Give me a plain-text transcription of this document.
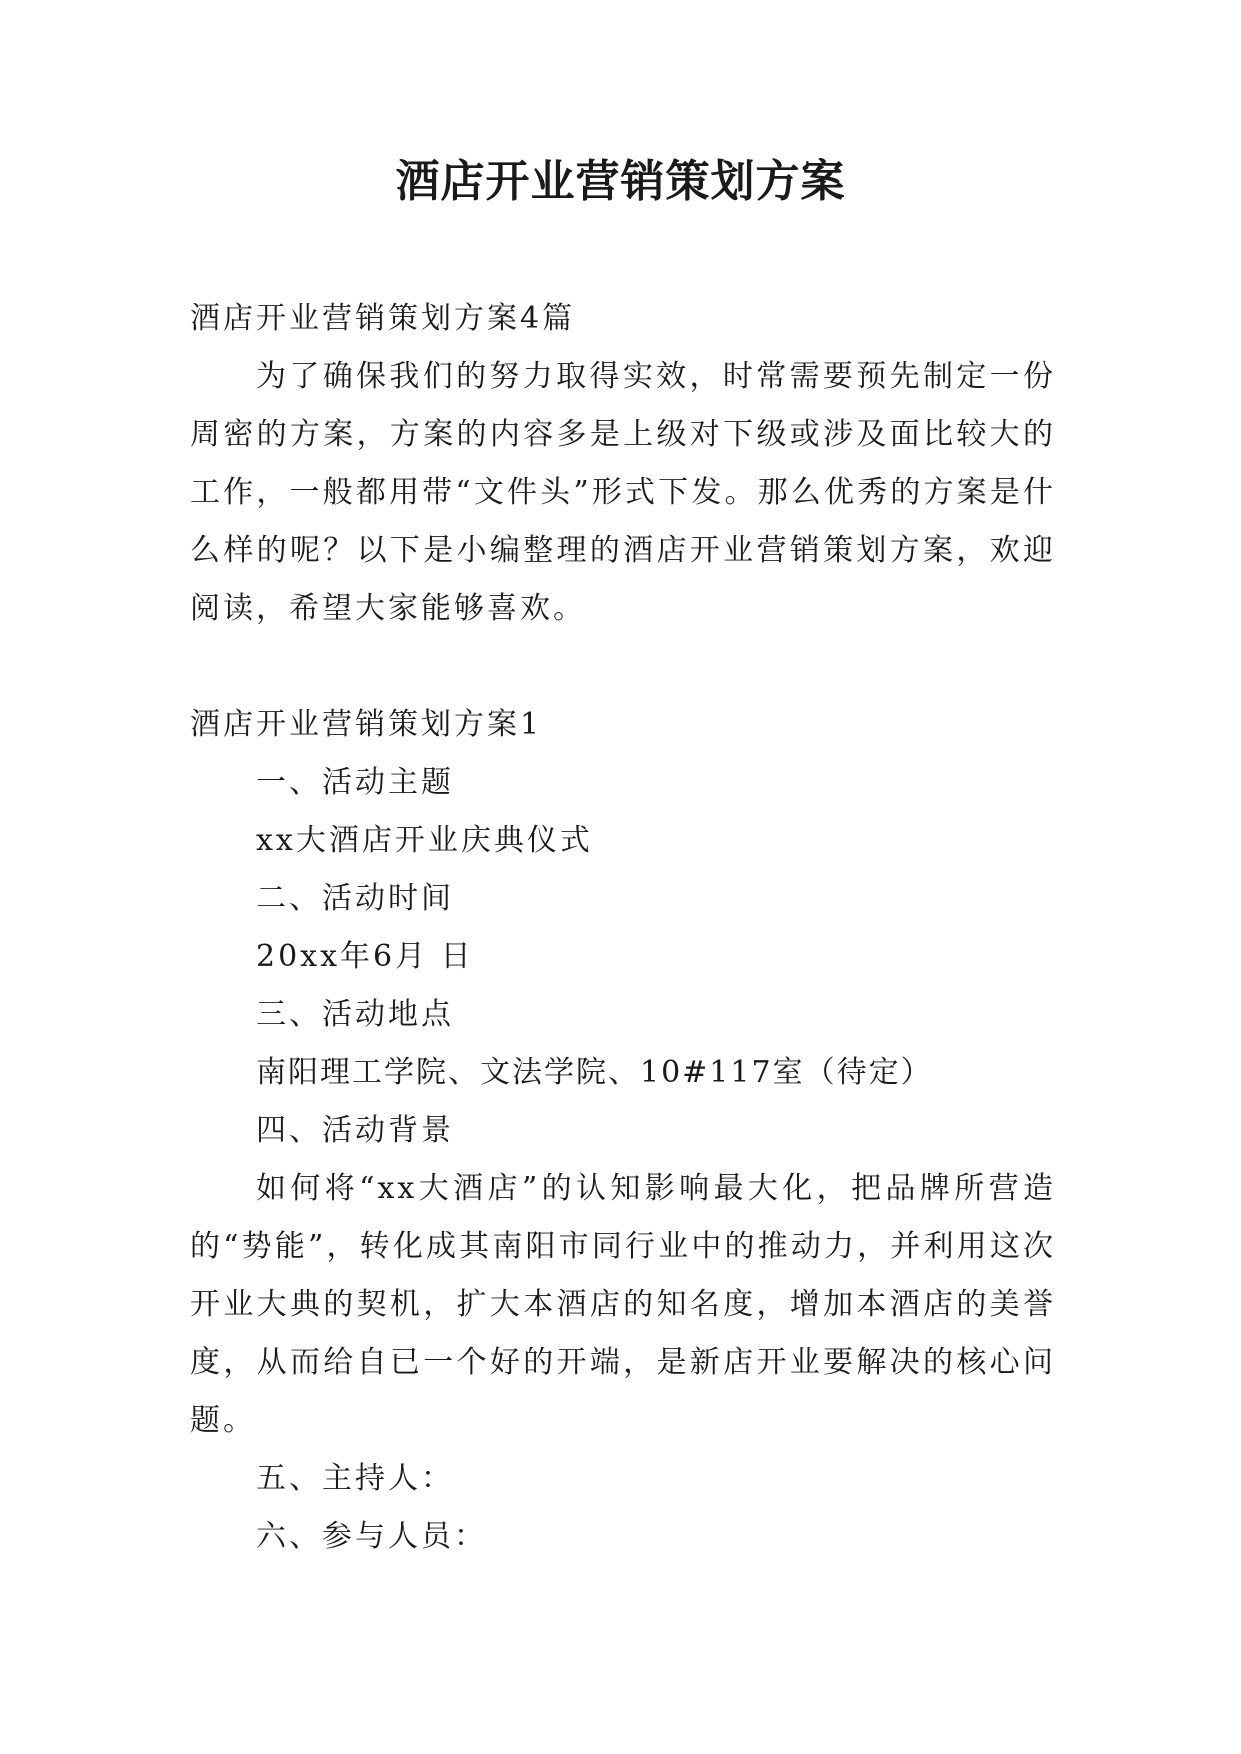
酒店开业营销策划方案

酒店开业营销策划方案4篇

为了确保我们的努力取得实效，时常需要预先制定一份周密的方案，方案的内容多是上级对下级或涉及面比较大的工作，一般都用带“文件头”形式下发。那么优秀的方案是什么样的呢？以下是小编整理的酒店开业营销策划方案，欢迎阅读，希望大家能够喜欢。

酒店开业营销策划方案1

一、活动主题

xx大酒店开业庆典仪式

二、活动时间

20xx年6月 日

三、活动地点

南阳理工学院、文法学院、10#117室（待定）

四、活动背景

如何将“xx大酒店”的认知影响最大化，把品牌所营造的“势能”，转化成其南阳市同行业中的推动力，并利用这次开业大典的契机，扩大本酒店的知名度，增加本酒店的美誉度，从而给自已一个好的开端，是新店开业要解决的核心问题。

五、主持人：

六、参与人员：
